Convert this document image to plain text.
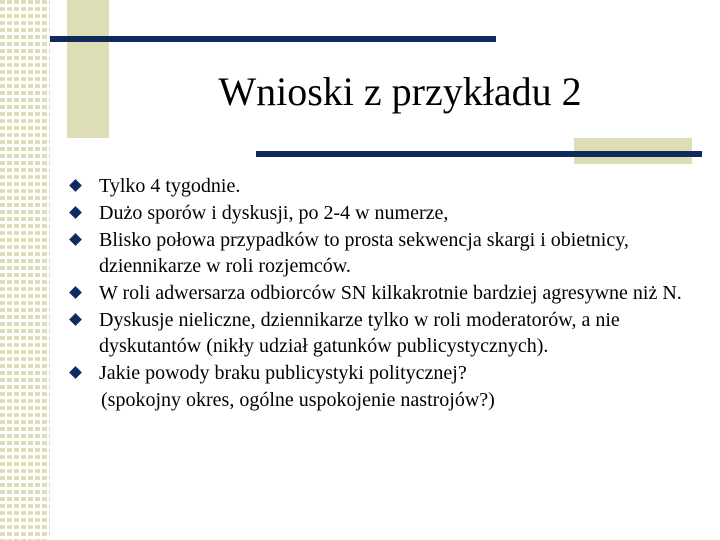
Wnioski z przykładu 2
Tylko 4 tygodnie.
Dużo sporów i dyskusji, po 2-4 w numerze,
Blisko połowa przypadków to prosta sekwencja skargi i obietnicy, dziennikarze w roli rozjemców.
W roli adwersarza odbiorców SN kilkakrotnie bardziej agresywne niż N.
Dyskusje nieliczne, dziennikarze tylko w roli moderatorów, a nie dyskutantów (nikły udział gatunków publicystycznych).
Jakie powody braku publicystyki politycznej?
(spokojny okres, ogólne uspokojenie nastrojów?)
